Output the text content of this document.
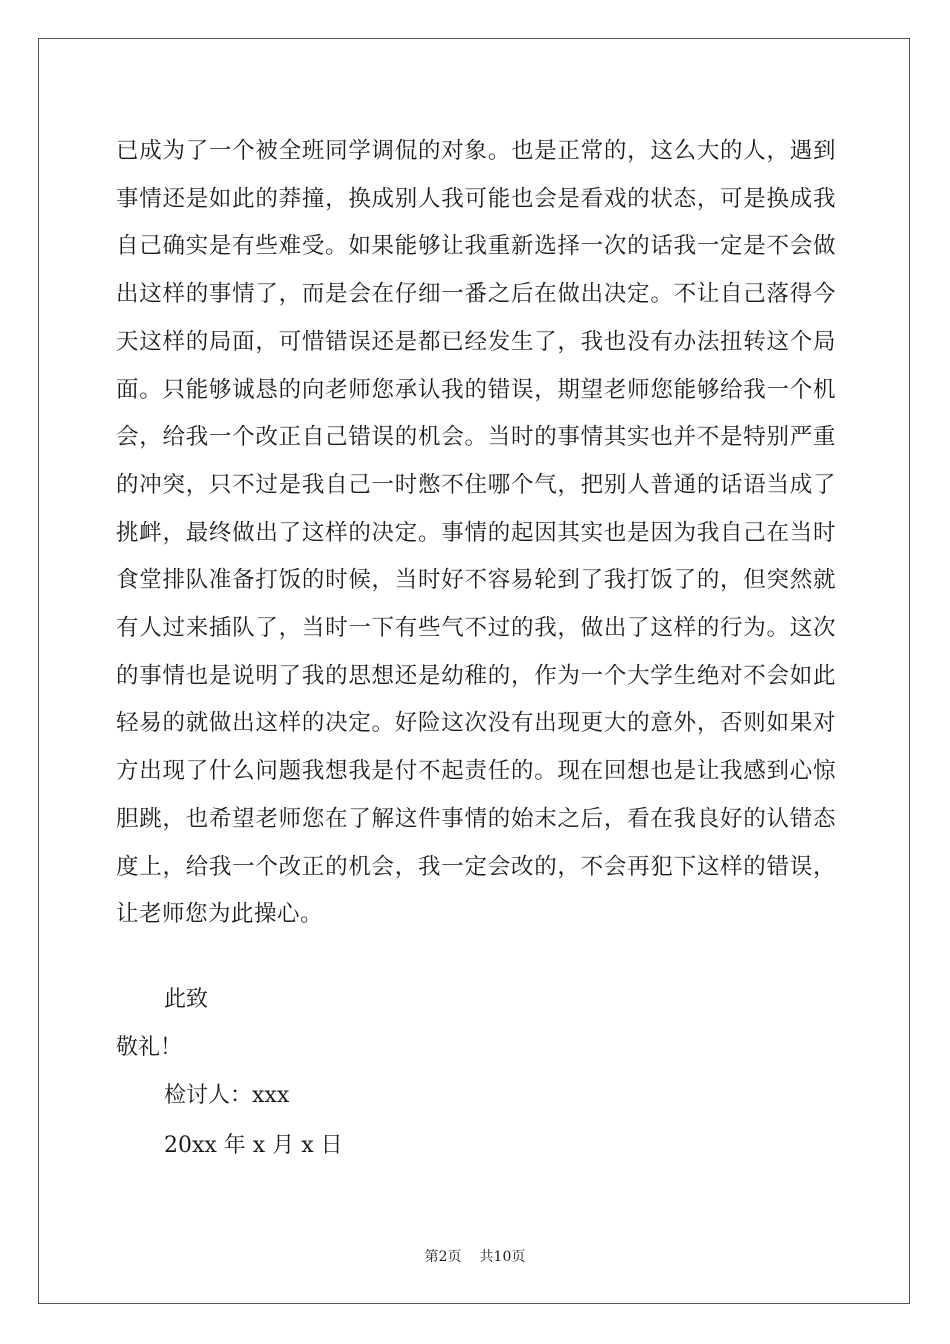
已成为了一个被全班同学调侃的对象。也是正常的，这么大的人，遇到事情还是如此的莽撞，换成别人我可能也会是看戏的状态，可是换成我自己确实是有些难受。如果能够让我重新选择一次的话我一定是不会做出这样的事情了，而是会在仔细一番之后在做出决定。不让自己落得今天这样的局面，可惜错误还是都已经发生了，我也没有办法扭转这个局面。只能够诚恳的向老师您承认我的错误，期望老师您能够给我一个机会，给我一个改正自己错误的机会。当时的事情其实也并不是特别严重的冲突，只不过是我自己一时憋不住哪个气，把别人普通的话语当成了挑衅，最终做出了这样的决定。事情的起因其实也是因为我自己在当时食堂排队准备打饭的时候，当时好不容易轮到了我打饭了的，但突然就有人过来插队了，当时一下有些气不过的我，做出了这样的行为。这次的事情也是说明了我的思想还是幼稚的，作为一个大学生绝对不会如此轻易的就做出这样的决定。好险这次没有出现更大的意外，否则如果对方出现了什么问题我想我是付不起责任的。现在回想也是让我感到心惊胆跳，也希望老师您在了解这件事情的始末之后，看在我良好的认错态度上，给我一个改正的机会，我一定会改的，不会再犯下这样的错误，让老师您为此操心。

此致

敬礼！

检讨人：xxx

20xx 年 x 月 x 日

第2页 共10页
